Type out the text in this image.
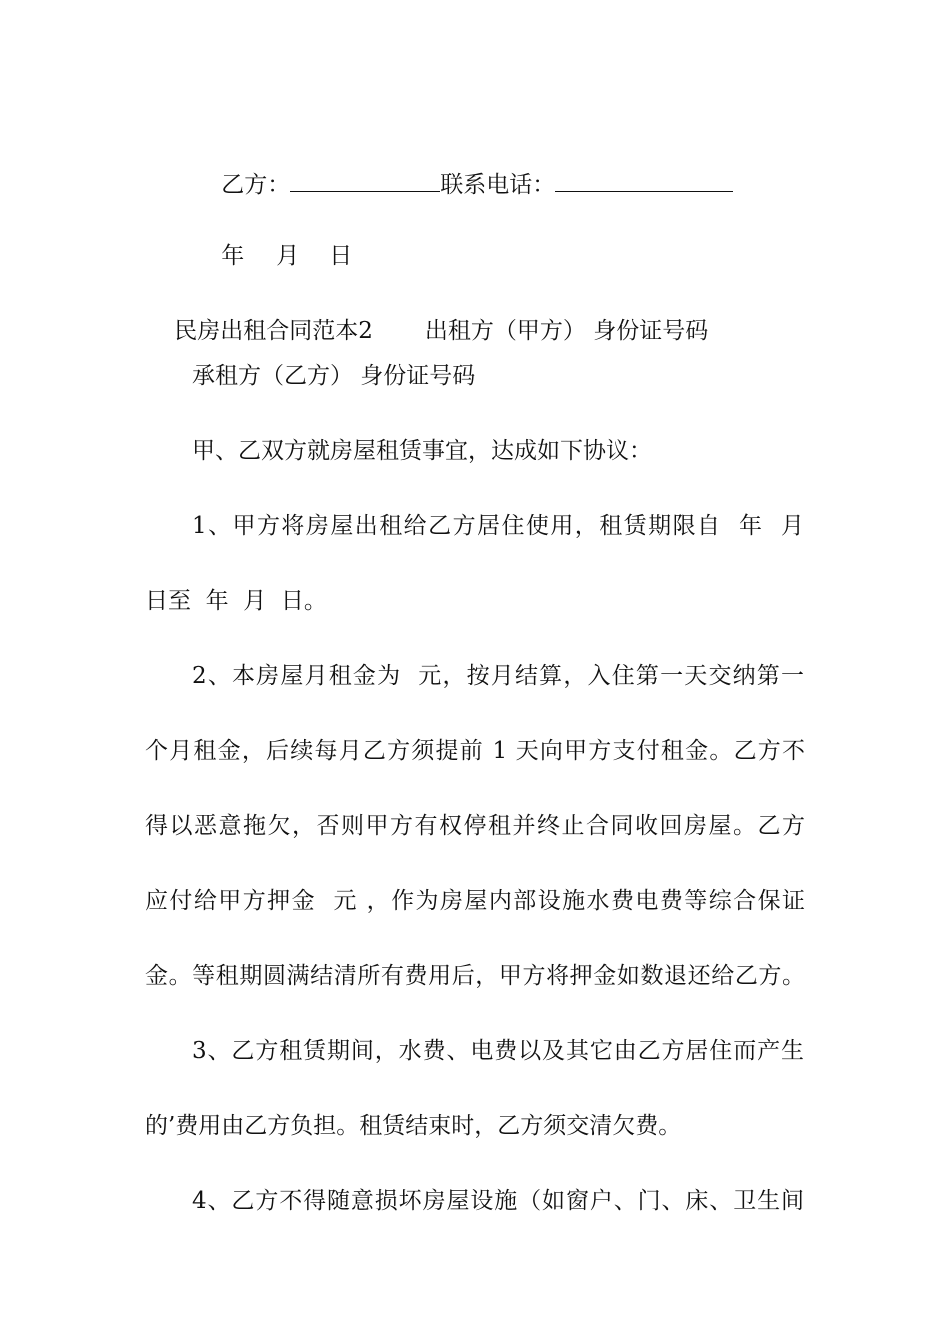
乙方：	联系电话：

年 月 日

民房出租合同范本2 出租方（甲方） 身份证号码

承租方（乙方） 身份证号码
甲、乙双方就房屋租赁事宜，达成如下协议：
1、甲方将房屋出租给乙方居住使用，租赁期限自  年  月
日至  年  月  日。
2、本房屋月租金为  元，按月结算，入住第一天交纳第一
个月租金，后续每月乙方须提前 1 天向甲方支付租金。乙方不
得以恶意拖欠，否则甲方有权停租并终止合同收回房屋。乙方
应付给甲方押金  元 ，作为房屋内部设施水费电费等综合保证
金。等租期圆满结清所有费用后，甲方将押金如数退还给乙方。
3、乙方租赁期间，水费、电费以及其它由乙方居住而产生
的’费用由乙方负担。租赁结束时，乙方须交清欠费。
4、乙方不得随意损坏房屋设施（如窗户、门、床、卫生间
